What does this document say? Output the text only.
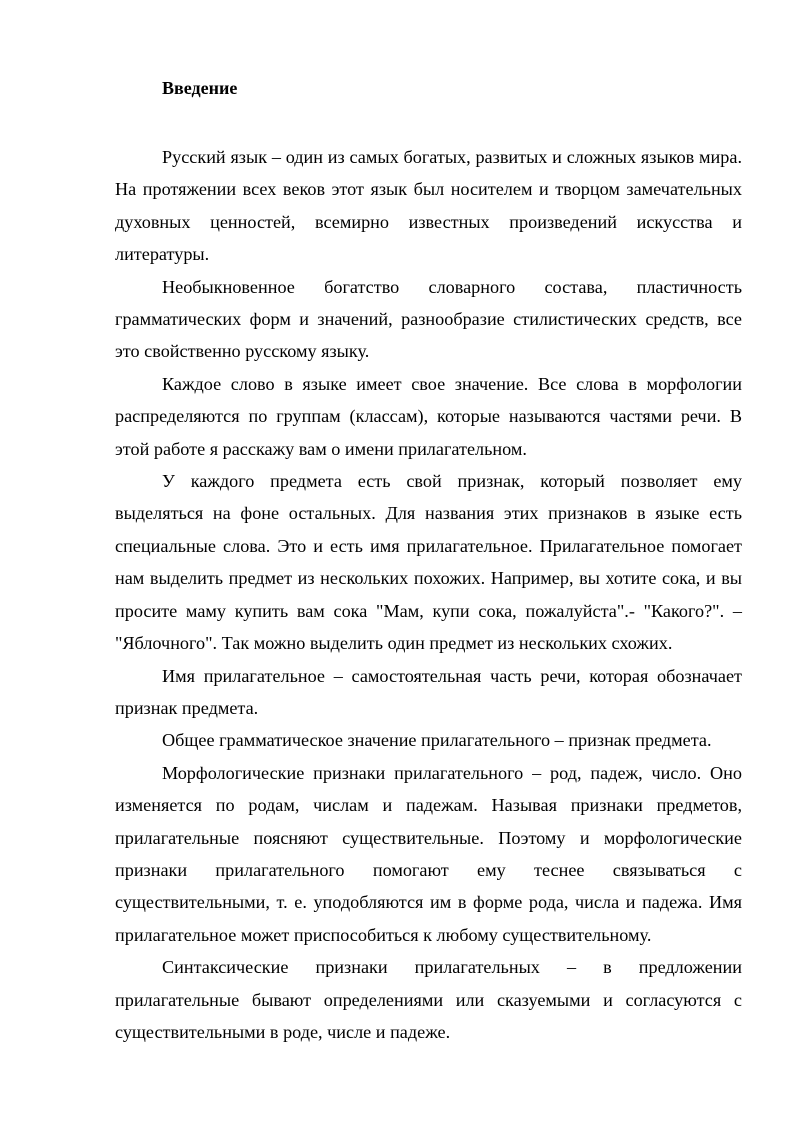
Введение

Русский язык – один из самых богатых, развитых и сложных языков мира. На протяжении всех веков этот язык был носителем и творцом замечательных духовных ценностей, всемирно известных произведений искусства и литературы.

Необыкновенное богатство словарного состава, пластичность грамматических форм и значений, разнообразие стилистических средств, все это свойственно русскому языку.

Каждое слово в языке имеет свое значение. Все слова в морфологии распределяются по группам (классам), которые называются частями речи. В этой работе я расскажу вам о имени прилагательном.

У каждого предмета есть свой признак, который позволяет ему выделяться на фоне остальных. Для названия этих признаков в языке есть специальные слова. Это и есть имя прилагательное. Прилагательное помогает нам выделить предмет из нескольких похожих. Например, вы хотите сока, и вы просите маму купить вам сока "Мам, купи сока, пожалуйста".- "Какого?". – "Яблочного". Так можно выделить один предмет из нескольких схожих.

Имя прилагательное – самостоятельная часть речи, которая обозначает признак предмета.

Общее грамматическое значение прилагательного – признак предмета.

Морфологические признаки прилагательного – род, падеж, число. Оно изменяется по родам, числам и падежам. Называя признаки предметов, прилагательные поясняют существительные. Поэтому и морфологические признаки прилагательного помогают ему теснее связываться с существительными, т. е. уподобляются им в форме рода, числа и падежа. Имя прилагательное может приспособиться к любому существительному.

Синтаксические признаки прилагательных – в предложении прилагательные бывают определениями или сказуемыми и согласуются с существительными в роде, числе и падеже.
